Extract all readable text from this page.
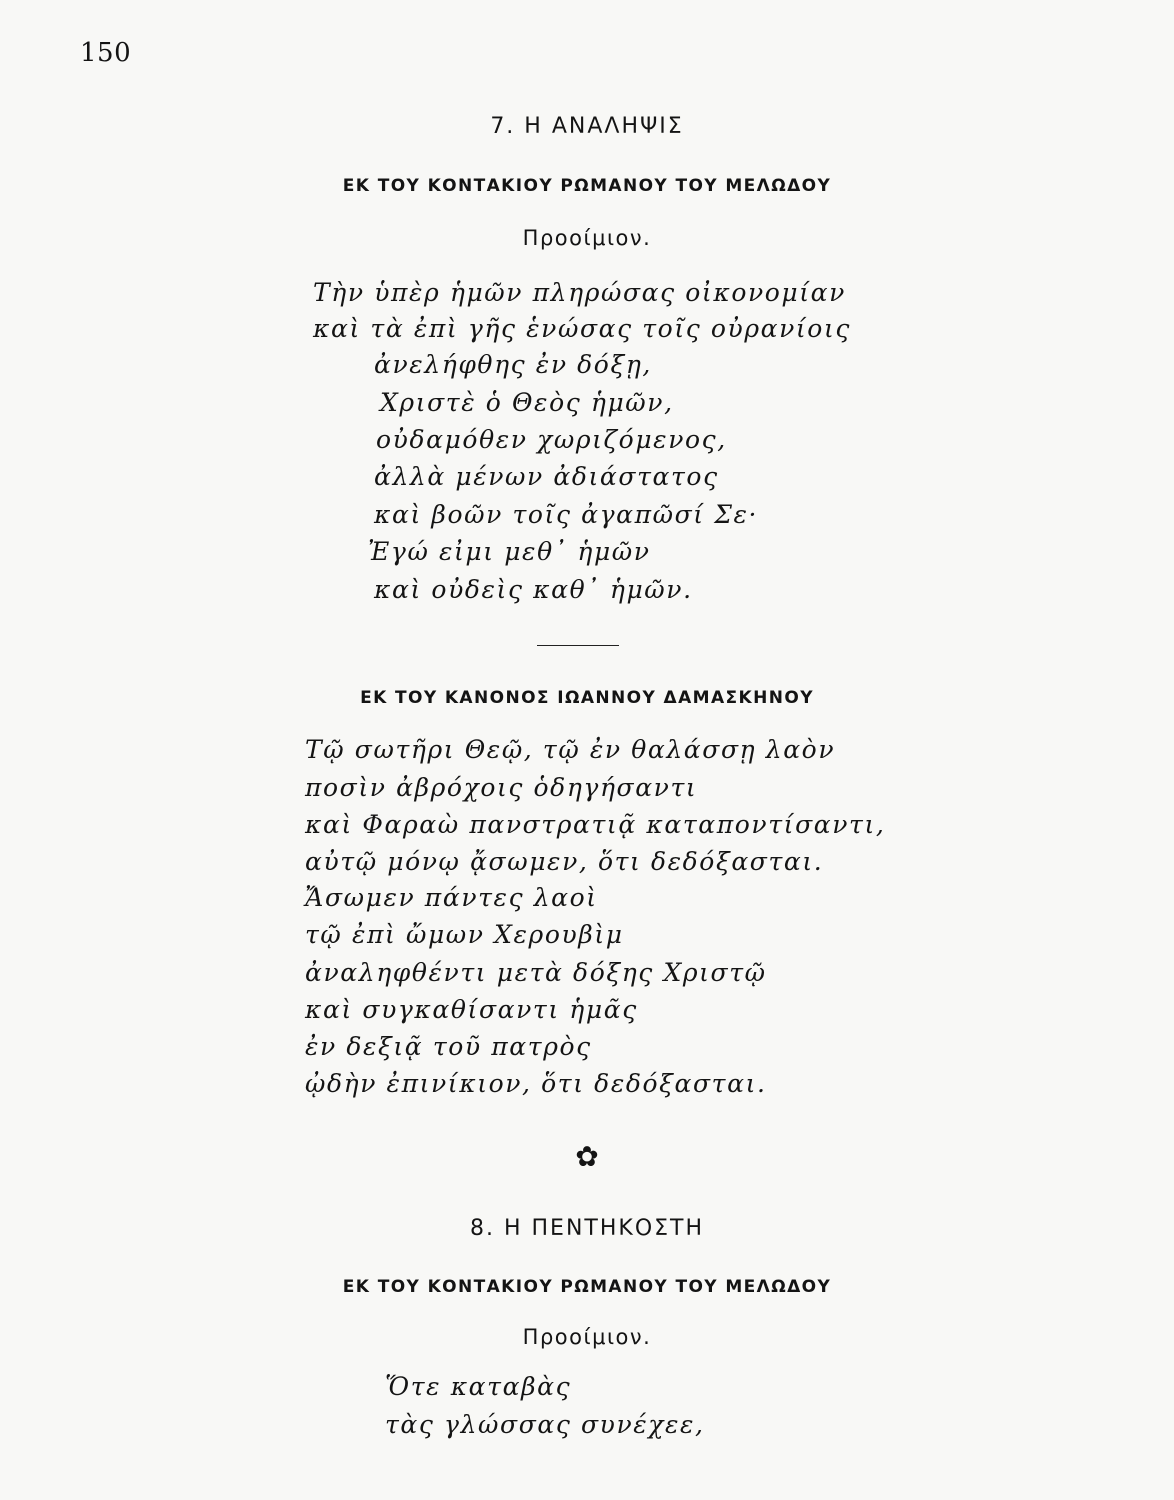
150
7. Η ΑΝΑΛΗΨΙΣ
ΕΚ ΤΟΥ ΚΟΝΤΑΚΙΟΥ ΡΩΜΑΝΟΥ ΤΟΥ ΜΕΛΩΔΟΥ
Προοίμιον.
Τὴν ὑπὲρ ἡμῶν πληρώσας οἰκονομίαν
καὶ τὰ ἐπὶ γῆς ἑνώσας τοῖς οὐρανίοις
ἀνελήφθης ἐν δόξῃ,
Χριστὲ ὁ Θεὸς ἡμῶν,
οὐδαμόθεν χωριζόμενος,
ἀλλὰ μένων ἀδιάστατος
καὶ βοῶν τοῖς ἀγαπῶσί Σε·
Ἐγώ εἰμι μεθ᾿ ἡμῶν
καὶ οὐδεὶς καθ᾿ ἡμῶν.
ΕΚ ΤΟΥ ΚΑΝΟΝΟΣ ΙΩΑΝΝΟΥ ΔΑΜΑΣΚΗΝΟΥ
Τῷ σωτῆρι Θεῷ, τῷ ἐν θαλάσσῃ λαὸν
ποσὶν ἀβρόχοις ὁδηγήσαντι
καὶ Φαραὼ πανστρατιᾷ καταποντίσαντι,
αὐτῷ μόνῳ ᾄσωμεν, ὅτι δεδόξασται.
Ἄσωμεν πάντες λαοὶ
τῷ ἐπὶ ὤμων Χερουβὶμ
ἀναληφθέντι μετὰ δόξης Χριστῷ
καὶ συγκαθίσαντι ἡμᾶς
ἐν δεξιᾷ τοῦ πατρὸς
ᾠδὴν ἐπινίκιον, ὅτι δεδόξασται.
✿
8. Η ΠΕΝΤΗΚΟΣΤΗ
ΕΚ ΤΟΥ ΚΟΝΤΑΚΙΟΥ ΡΩΜΑΝΟΥ ΤΟΥ ΜΕΛΩΔΟΥ
Προοίμιον.
Ὅτε καταβὰς
τὰς γλώσσας συνέχεε,
